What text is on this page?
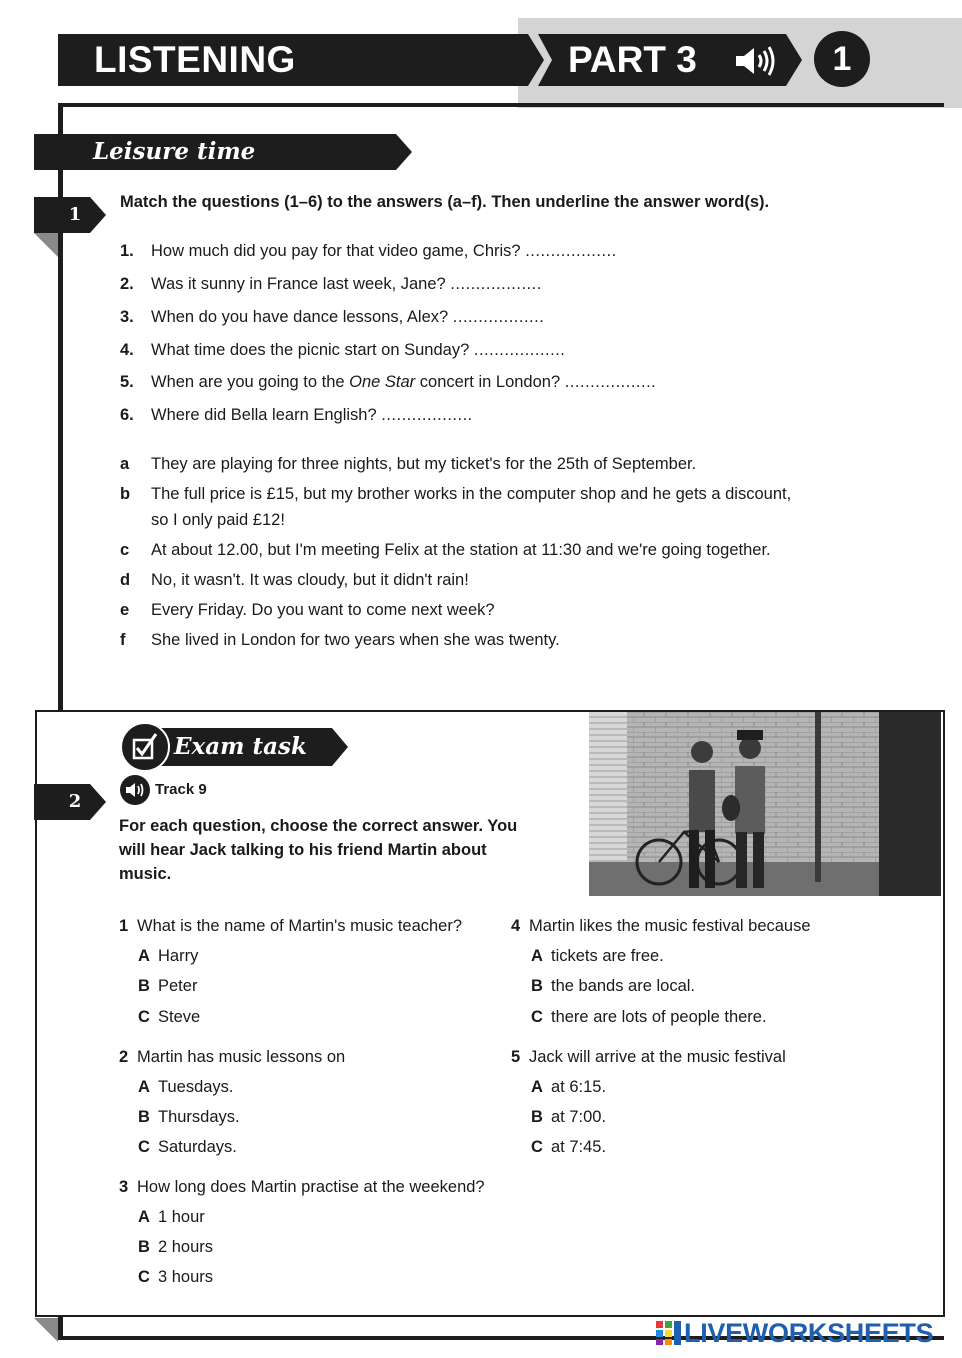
LISTENING	PART 3	1
Leisure time
1
Match the questions (1–6) to the answers (a–f). Then underline the answer word(s).
1. How much did you pay for that video game, Chris? ..................
2. Was it sunny in France last week, Jane? ..................
3. When do you have dance lessons, Alex? ..................
4. What time does the picnic start on Sunday? ..................
5. When are you going to the One Star concert in London? ..................
6. Where did Bella learn English? ..................
a They are playing for three nights, but my ticket's for the 25th of September.
b The full price is £15, but my brother works in the computer shop and he gets a discount, so I only paid £12!
c At about 12.00, but I'm meeting Felix at the station at 11:30 and we're going together.
d No, it wasn't. It was cloudy, but it didn't rain!
e Every Friday. Do you want to come next week?
f She lived in London for two years when she was twenty.
Exam task
2
Track 9
For each question, choose the correct answer. You will hear Jack talking to his friend Martin about music.
1 What is the name of Martin's music teacher?
A Harry
B Peter
C Steve
2 Martin has music lessons on
A Tuesdays.
B Thursdays.
C Saturdays.
3 How long does Martin practise at the weekend?
A 1 hour
B 2 hours
C 3 hours
4 Martin likes the music festival because
A tickets are free.
B the bands are local.
C there are lots of people there.
5 Jack will arrive at the music festival
A at 6:15.
B at 7:00.
C at 7:45.
LIVEWORKSHEETS
